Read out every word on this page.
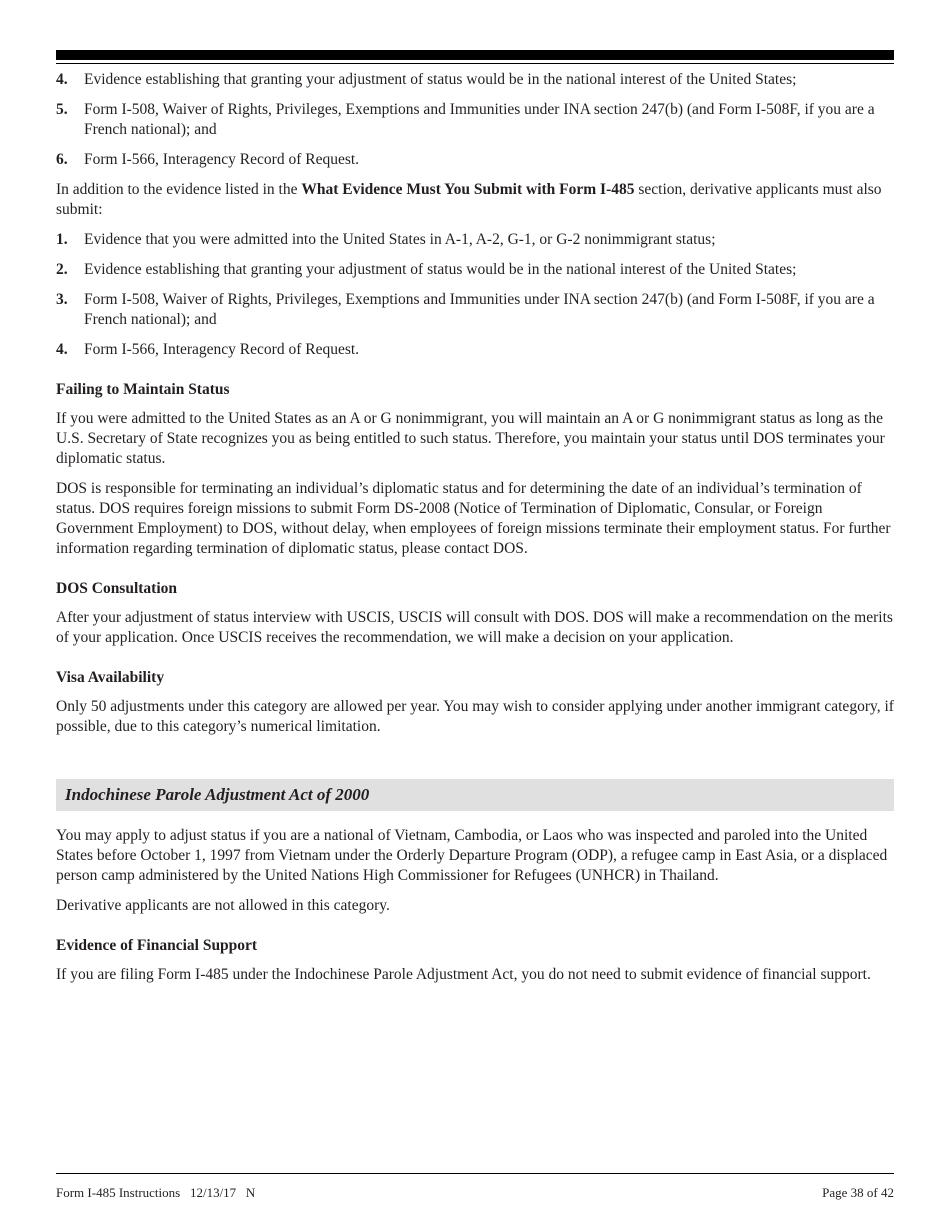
4.	Evidence establishing that granting your adjustment of status would be in the national interest of the United States;
5.	Form I-508, Waiver of Rights, Privileges, Exemptions and Immunities under INA section 247(b) (and Form I-508F, if you are a French national); and
6.	Form I-566, Interagency Record of Request.

In addition to the evidence listed in the What Evidence Must You Submit with Form I-485 section, derivative applicants must also submit:

1.	Evidence that you were admitted into the United States in A-1, A-2, G-1, or G-2 nonimmigrant status;
2.	Evidence establishing that granting your adjustment of status would be in the national interest of the United States;
3.	Form I-508, Waiver of Rights, Privileges, Exemptions and Immunities under INA section 247(b) (and Form I-508F, if you are a French national); and
4.	Form I-566, Interagency Record of Request.
Failing to Maintain Status

If you were admitted to the United States as an A or G nonimmigrant, you will maintain an A or G nonimmigrant status as long as the U.S. Secretary of State recognizes you as being entitled to such status. Therefore, you maintain your status until DOS terminates your diplomatic status.

DOS is responsible for terminating an individual’s diplomatic status and for determining the date of an individual’s termination of status. DOS requires foreign missions to submit Form DS-2008 (Notice of Termination of Diplomatic, Consular, or Foreign Government Employment) to DOS, without delay, when employees of foreign missions terminate their employment status. For further information regarding termination of diplomatic status, please contact DOS.

DOS Consultation

After your adjustment of status interview with USCIS, USCIS will consult with DOS. DOS will make a recommendation on the merits of your application. Once USCIS receives the recommendation, we will make a decision on your application.

Visa Availability

Only 50 adjustments under this category are allowed per year. You may wish to consider applying under another immigrant category, if possible, due to this category’s numerical limitation.

Indochinese Parole Adjustment Act of 2000

You may apply to adjust status if you are a national of Vietnam, Cambodia, or Laos who was inspected and paroled into the United States before October 1, 1997 from Vietnam under the Orderly Departure Program (ODP), a refugee camp in East Asia, or a displaced person camp administered by the United Nations High Commissioner for Refugees (UNHCR) in Thailand.

Derivative applicants are not allowed in this category.

Evidence of Financial Support

If you are filing Form I-485 under the Indochinese Parole Adjustment Act, you do not need to submit evidence of financial support.

Form I-485 Instructions   12/13/17   N	Page 38 of 42
